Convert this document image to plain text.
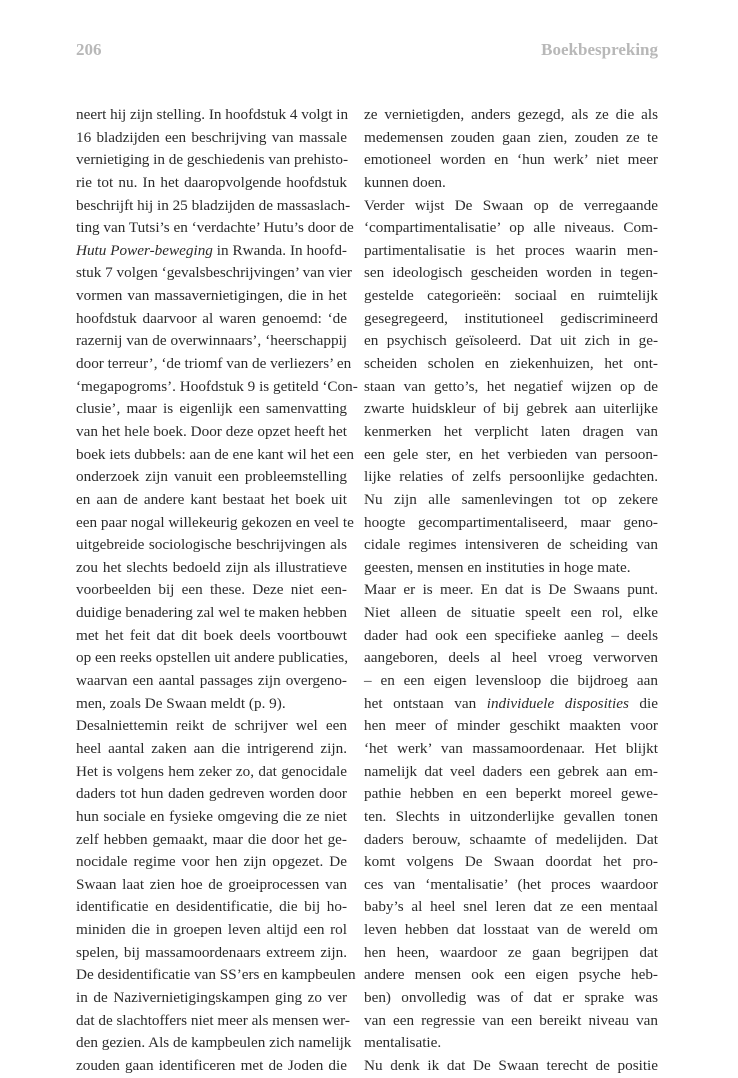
206	Boekbespreking
neert hij zijn stelling. In hoofdstuk 4 volgt in
16 bladzijden een beschrijving van massale
vernietiging in de geschiedenis van prehisto-
rie tot nu. In het daaropvolgende hoofdstuk
beschrijft hij in 25 bladzijden de massaslach-
ting van Tutsi’s en ‘verdachte’ Hutu’s door de
Hutu Power-beweging in Rwanda. In hoofd-
stuk 7 volgen ‘gevalsbeschrijvingen’ van vier
vormen van massavernietigingen, die in het
hoofdstuk daarvoor al waren genoemd: ‘de
razernij van de overwinnaars’, ‘heerschappij
door terreur’, ‘de triomf van de verliezers’ en
‘megapogroms’. Hoofdstuk 9 is getiteld ‘Con-
clusie’, maar is eigenlijk een samenvatting
van het hele boek. Door deze opzet heeft het
boek iets dubbels: aan de ene kant wil het een
onderzoek zijn vanuit een probleemstelling
en aan de andere kant bestaat het boek uit
een paar nogal willekeurig gekozen en veel te
uitgebreide sociologische beschrijvingen als
zou het slechts bedoeld zijn als illustratieve
voorbeelden bij een these. Deze niet een-
duidige benadering zal wel te maken hebben
met het feit dat dit boek deels voortbouwt
op een reeks opstellen uit andere publicaties,
waarvan een aantal passages zijn overgeno-
men, zoals De Swaan meldt (p. 9).
Desalniettemin reikt de schrijver wel een
heel aantal zaken aan die intrigerend zijn.
Het is volgens hem zeker zo, dat genocidale
daders tot hun daden gedreven worden door
hun sociale en fysieke omgeving die ze niet
zelf hebben gemaakt, maar die door het ge-
nocidale regime voor hen zijn opgezet. De
Swaan laat zien hoe de groeiprocessen van
identificatie en desidentificatie, die bij ho-
miniden die in groepen leven altijd een rol
spelen, bij massamoordenaars extreem zijn.
De desidentificatie van SS’ers en kampbeulen
in de Nazivernietigingskampen ging zo ver
dat de slachtoffers niet meer als mensen wer-
den gezien. Als de kampbeulen zich namelijk
zouden gaan identificeren met de Joden die
ze vernietigden, anders gezegd, als ze die als
medemensen zouden gaan zien, zouden ze te
emotioneel worden en ‘hun werk’ niet meer
kunnen doen.
Verder wijst De Swaan op de verregaande
‘compartimentalisatie’ op alle niveaus. Com-
partimentalisatie is het proces waarin men-
sen ideologisch gescheiden worden in tegen-
gestelde categorieën: sociaal en ruimtelijk
gesegregeerd, institutioneel gediscrimineerd
en psychisch geïsoleerd. Dat uit zich in ge-
scheiden scholen en ziekenhuizen, het ont-
staan van getto’s, het negatief wijzen op de
zwarte huidskleur of bij gebrek aan uiterlijke
kenmerken het verplicht laten dragen van
een gele ster, en het verbieden van persoon-
lijke relaties of zelfs persoonlijke gedachten.
Nu zijn alle samenlevingen tot op zekere
hoogte gecompartimentaliseerd, maar geno-
cidale regimes intensiveren de scheiding van
geesten, mensen en instituties in hoge mate.
Maar er is meer. En dat is De Swaans punt.
Niet alleen de situatie speelt een rol, elke
dader had ook een specifieke aanleg – deels
aangeboren, deels al heel vroeg verworven
– en een eigen levensloop die bijdroeg aan
het ontstaan van individuele disposities die
hen meer of minder geschikt maakten voor
‘het werk’ van massamoordenaar. Het blijkt
namelijk dat veel daders een gebrek aan em-
pathie hebben en een beperkt moreel gewe-
ten. Slechts in uitzonderlijke gevallen tonen
daders berouw, schaamte of medelijden. Dat
komt volgens De Swaan doordat het pro-
ces van ‘mentalisatie’ (het proces waardoor
baby’s al heel snel leren dat ze een mentaal
leven hebben dat losstaat van de wereld om
hen heen, waardoor ze gaan begrijpen dat
andere mensen ook een eigen psyche heb-
ben) onvolledig was of dat er sprake was
van een regressie van een bereikt niveau van
mentalisatie.
Nu denk ik dat De Swaan terecht de positie
